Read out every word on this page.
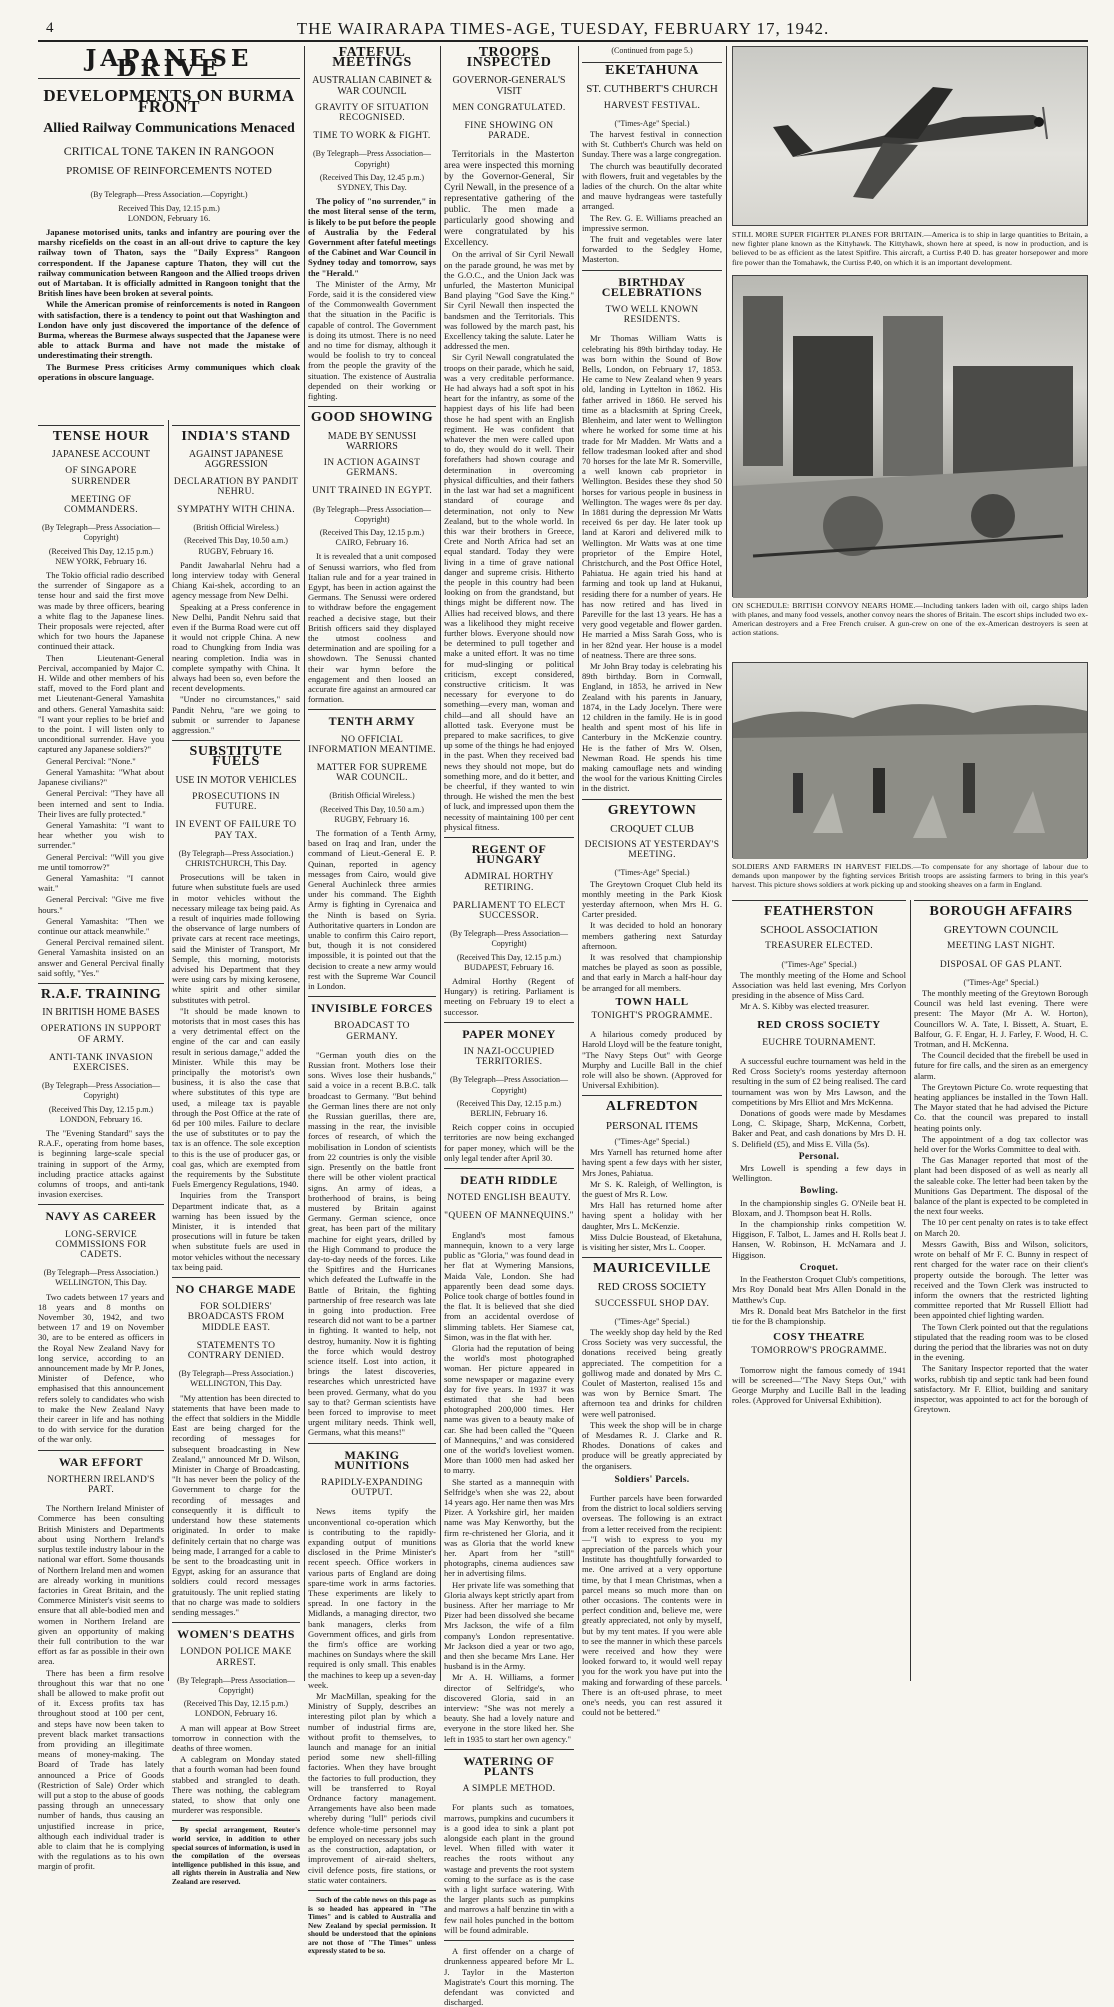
4	THE WAIRARAPA TIMES-AGE, TUESDAY, FEBRUARY 17, 1942.
JAPANESE DRIVE
DEVELOPMENTS ON BURMA FRONT
Allied Railway Communications Menaced
CRITICAL TONE TAKEN IN RANGOON
PROMISE OF REINFORCEMENTS NOTED
(By Telegraph—Press Association.—Copyright.)
Received This Day, 12.15 p.m.)
LONDON, February 16.

Japanese motorised units, tanks and infantry are pouring over the marshy ricefields on the coast in an all-out drive to capture the key railway town of Thaton, says the "Daily Express" Rangoon correspondent. If the Japanese capture Thaton, they will cut the railway communication between Rangoon and the Allied troops driven out of Martaban. It is officially admitted in Rangoon tonight that the British lines have been broken at several points.

While the American promise of reinforcements is noted in Rangoon with satisfaction, there is a tendency to point out that Washington and London have only just discovered the importance of the defence of Burma, whereas the Burmese always suspected that the Japanese were able to attack Burma and have not made the mistake of underestimating their strength.

The Burmese Press criticises Army communiques which cloak operations in obscure language.

TENSE HOUR
JAPANESE ACCOUNT
OF SINGAPORE SURRENDER
MEETING OF COMMANDERS.
(By Telegraph—Press Association—Copyright)
(Received This Day, 12.15 p.m.)
NEW YORK, February 16.

The Tokio official radio described the surrender of Singapore as a tense hour and said the first move was made by three officers, bearing a white flag to the Japanese lines. Their proposals were rejected, after which for two hours the Japanese continued their attack.

Then Lieutenant-General Percival, accompanied by Major C. H. Wilde and other members of his staff, moved to the Ford plant and met Lieutenant-General Yamashita and others. General Yamashita said: "I want your replies to be brief and to the point. I will listen only to unconditional surrender. Have you captured any Japanese soldiers?"

General Percival: "None."

General Yamashita: "What about Japanese civilians?"

General Percival: "They have all been interned and sent to India. Their lives are fully protected."

General Yamashita: "I want to hear whether you wish to surrender."

General Percival: "Will you give me until tomorrow?"

General Yamashita: "I cannot wait."

General Percival: "Give me five hours."

General Yamashita: "Then we continue our attack meanwhile."

General Percival remained silent. General Yamashita insisted on an answer and General Percival finally said softly, "Yes."

R.A.F. TRAINING
IN BRITISH HOME BASES
OPERATIONS IN SUPPORT OF ARMY.
ANTI-TANK INVASION EXERCISES.
(By Telegraph—Press Association—Copyright)
(Received This Day, 12.15 p.m.)
LONDON, February 16.

The "Evening Standard" says the R.A.F., operating from home bases, is beginning large-scale special training in support of the Army, including practice attacks against columns of troops, and anti-tank invasion exercises.

NAVY AS CAREER
LONG-SERVICE COMMISSIONS FOR CADETS.
(By Telegraph—Press Association.)
WELLINGTON, This Day.

Two cadets between 17 years and 18 years and 8 months on November 30, 1942, and two between 17 and 19 on November 30, are to be entered as officers in the Royal New Zealand Navy for long service, according to an announcement made by Mr P. Jones, Minister of Defence, who emphasised that this announcement refers solely to candidates who wish to make the New Zealand Navy their career in life and has nothing to do with service for the duration of the war only.

WAR EFFORT
NORTHERN IRELAND'S PART.

The Northern Ireland Minister of Commerce has been consulting British Ministers and Departments about using Northern Ireland's surplus textile industry labour in the national war effort. Some thousands of Northern Ireland men and women are already working in munitions factories in Great Britain, and the Commerce Minister's visit seems to ensure that all able-bodied men and women in Northern Ireland are given an opportunity of making their full contribution to the war effort as far as possible in their own area.

There has been a firm resolve throughout this war that no one shall be allowed to make profit out of it. Excess profits tax has throughout stood at 100 per cent, and steps have now been taken to prevent black market transactions from providing an illegitimate means of money-making. The Board of Trade has lately announced a Price of Goods (Restriction of Sale) Order which will put a stop to the abuse of goods passing through an unnecessary number of hands, thus causing an unjustified increase in price, although each individual trader is able to claim that he is complying with the regulations as to his own margin of profit.

INDIA'S STAND
AGAINST JAPANESE AGGRESSION
DECLARATION BY PANDIT NEHRU.
SYMPATHY WITH CHINA.
(British Official Wireless.)
(Received This Day, 10.50 a.m.)
RUGBY, February 16.

Pandit Jawaharlal Nehru had a long interview today with General Chiang Kai-shek, according to an agency message from New Delhi.

Speaking at a Press conference in New Delhi, Pandit Nehru said that even if the Burma Road were cut off it would not cripple China. A new road to Chungking from India was nearing completion. India was in complete sympathy with China. It always had been so, even before the recent developments.

"Under no circumstances," said Pandit Nehru, "are we going to submit or surrender to Japanese aggression."

SUBSTITUTE FUELS
USE IN MOTOR VEHICLES
PROSECUTIONS IN FUTURE.
IN EVENT OF FAILURE TO PAY TAX.
(By Telegraph—Press Association.)
CHRISTCHURCH, This Day.

Prosecutions will be taken in future when substitute fuels are used in motor vehicles without the necessary mileage tax being paid. As a result of inquiries made following the observance of large numbers of private cars at recent race meetings, said the Minister of Transport, Mr Semple, this morning, motorists advised his Department that they were using cars by mixing kerosene, white spirit and other similar substitutes with petrol.

"It should be made known to motorists that in most cases this has a very detrimental effect on the engine of the car and can easily result in serious damage," added the Minister. While this may be principally the motorist's own business, it is also the case that where substitutes of this type are used, a mileage tax is payable through the Post Office at the rate of 6d per 100 miles. Failure to declare the use of substitutes or to pay the tax is an offence. The sole exception to this is the use of producer gas, or coal gas, which are exempted from the requirements by the Substitute Fuels Emergency Regulations, 1940.

Inquiries from the Transport Department indicate that, as a warning has been issued by the Minister, it is intended that prosecutions will in future be taken when substitute fuels are used in motor vehicles without the necessary tax being paid.

NO CHARGE MADE
FOR SOLDIERS' BROADCASTS FROM MIDDLE EAST.
STATEMENTS TO CONTRARY DENIED.
(By Telegraph—Press Association.)
WELLINGTON, This Day.

"My attention has been directed to statements that have been made to the effect that soldiers in the Middle East are being charged for the recording of messages for subsequent broadcasting in New Zealand," announced Mr D. Wilson, Minister in Charge of Broadcasting. "It has never been the policy of the Government to charge for the recording of messages and consequently it is difficult to understand how these statements originated. In order to make definitely certain that no charge was being made, I arranged for a cable to be sent to the broadcasting unit in Egypt, asking for an assurance that soldiers could record messages gratuitously. The unit replied stating that no charge was made to soldiers sending messages."

WOMEN'S DEATHS
LONDON POLICE MAKE ARREST.
(By Telegraph—Press Association—Copyright)
(Received This Day, 12.15 p.m.)
LONDON, February 16.

A man will appear at Bow Street tomorrow in connection with the deaths of three women.

A cablegram on Monday stated that a fourth woman had been found stabbed and strangled to death. There was nothing, the cablegram stated, to show that only one murderer was responsible.

By special arrangement, Reuter's world service, in addition to other special sources of information, is used in the compilation of the overseas intelligence published in this issue, and all rights therein in Australia and New Zealand are reserved.

FATEFUL MEETINGS
AUSTRALIAN CABINET & WAR COUNCIL
GRAVITY OF SITUATION RECOGNISED.
TIME TO WORK & FIGHT.
(By Telegraph—Press Association—Copyright)
(Received This Day, 12.45 p.m.)
SYDNEY, This Day.

The policy of "no surrender," in the most literal sense of the term, is likely to be put before the people of Australia by the Federal Government after fateful meetings of the Cabinet and War Council in Sydney today and tomorrow, says the "Herald."

The Minister of the Army, Mr Forde, said it is the considered view of the Commonwealth Government that the situation in the Pacific is capable of control. The Government is doing its utmost. There is no need and no time for dismay, although it would be foolish to try to conceal from the people the gravity of the situation. The existence of Australia depended on their working or fighting.

GOOD SHOWING
MADE BY SENUSSI WARRIORS
IN ACTION AGAINST GERMANS.
UNIT TRAINED IN EGYPT.
(By Telegraph—Press Association—Copyright)
(Received This Day, 12.15 p.m.)
CAIRO, February 16.

It is revealed that a unit composed of Senussi warriors, who fled from Italian rule and for a year trained in Egypt, has been in action against the Germans. The Senussi were ordered to withdraw before the engagement reached a decisive stage, but their British officers said they displayed the utmost coolness and determination and are spoiling for a showdown. The Senussi chanted their war hymn before the engagement and then loosed an accurate fire against an armoured car formation.

TENTH ARMY
NO OFFICIAL INFORMATION MEANTIME.
MATTER FOR SUPREME WAR COUNCIL.
(British Official Wireless.)
(Received This Day, 10.50 a.m.)
RUGBY, February 16.

The formation of a Tenth Army, based on Iraq and Iran, under the command of Lieut.-General E. P. Quinan, reported in agency messages from Cairo, would give General Auchinleck three armies under his command. The Eighth Army is fighting in Cyrenaica and the Ninth is based on Syria. Authoritative quarters in London are unable to confirm this Cairo report, but, though it is not considered impossible, it is pointed out that the decision to create a new army would rest with the Supreme War Council in London.

INVISIBLE FORCES
BROADCAST TO GERMANY.

"German youth dies on the Russian front. Mothers lose their sons. Wives lose their husbands," said a voice in a recent B.B.C. talk broadcast to Germany. "But behind the German lines there are not only the Russian guerillas, there are, massing in the rear, the invisible forces of research, of which the mobilisation in London of scientists from 22 countries is only the visible sign. Presently on the battle front there will be other violent practical signs. An army of ideas, a brotherhood of brains, is being mustered by Britain against Germany. German science, once great, has been part of the military machine for eight years, drilled by the High Command to produce the day-to-day needs of the forces. Like the Spitfires and the Hurricanes which defeated the Luftwaffe in the Battle of Britain, the fighting partnership of free research was late in going into production. Free research did not want to be a partner in fighting. It wanted to help, not destroy, humanity. Now it is fighting the force which would destroy science itself. Lost into action, it brings the latest discoveries, researches which unrestricted have been proved. Germany, what do you say to that? German scientists have been forced to improvise to meet urgent military needs. Think well, Germans, what this means!"

MAKING MUNITIONS
RAPIDLY-EXPANDING OUTPUT.

News items typify the unconventional co-operation which is contributing to the rapidly-expanding output of munitions disclosed in the Prime Minister's recent speech. Office workers in various parts of England are doing spare-time work in arms factories. These experiments are likely to spread. In one factory in the Midlands, a managing director, two bank managers, clerks from Government offices, and girls from the firm's office are working machines on Sundays where the skill required is only small. This enables the machines to keep up a seven-day week.

Mr MacMillan, speaking for the Ministry of Supply, describes an interesting pilot plan by which a number of industrial firms are, without profit to themselves, to launch and manage for an initial period some new shell-filling factories. When they have brought the factories to full production, they will be transferred to Royal Ordnance factory management. Arrangements have also been made whereby during "lull" periods civil defence whole-time personnel may be employed on necessary jobs such as the construction, adaptation, or improvement of air-raid shelters, civil defence posts, fire stations, or static water containers.

Such of the cable news on this page as is so headed has appeared in "The Times" and is cabled to Australia and New Zealand by special permission. It should be understood that the opinions are not those of "The Times" unless expressly stated to be so.

TROOPS INSPECTED
GOVERNOR-GENERAL'S VISIT
MEN CONGRATULATED.
FINE SHOWING ON PARADE.

Territorials in the Masterton area were inspected this morning by the Governor-General, Sir Cyril Newall, in the presence of a representative gathering of the public. The men made a particularly good showing and were congratulated by his Excellency.

On the arrival of Sir Cyril Newall on the parade ground, he was met by the G.O.C., and the Union Jack was unfurled, the Masterton Municipal Band playing "God Save the King." Sir Cyril Newall then inspected the bandsmen and the Territorials. This was followed by the march past, his Excellency taking the salute. Later he addressed the men.

Sir Cyril Newall congratulated the troops on their parade, which he said, was a very creditable performance. He had always had a soft spot in his heart for the infantry, as some of the happiest days of his life had been those he had spent with an English regiment. He was confident that whatever the men were called upon to do, they would do it well. Their forefathers had shown courage and determination in overcoming physical difficulties, and their fathers in the last war had set a magnificent standard of courage and determination, not only to New Zealand, but to the whole world. In this war their brothers in Greece, Crete and North Africa had set an equal standard. Today they were living in a time of grave national danger and supreme crisis. Hitherto the people in this country had been looking on from the grandstand, but things might be different now. The Allies had received blows, and there was a likelihood they might receive further blows. Everyone should now be determined to pull together and make a united effort. It was no time for mud-slinging or political criticism, except considered, constructive criticism. It was necessary for everyone to do something—every man, woman and child—and all should have an allotted task. Everyone must be prepared to make sacrifices, to give up some of the things he had enjoyed in the past. When they received bad news they should not mope, but do something more, and do it better, and be cheerful, if they wanted to win through. He wished the men the best of luck, and impressed upon them the necessity of maintaining 100 per cent physical fitness.

REGENT OF HUNGARY
ADMIRAL HORTHY RETIRING.
PARLIAMENT TO ELECT SUCCESSOR.
(By Telegraph—Press Association—Copyright)
(Received This Day, 12.15 p.m.)
BUDAPEST, February 16.

Admiral Horthy (Regent of Hungary) is retiring. Parliament is meeting on February 19 to elect a successor.

PAPER MONEY
IN NAZI-OCCUPIED TERRITORIES.
(By Telegraph—Press Association—Copyright)
(Received This Day, 12.15 p.m.)
BERLIN, February 16.

Reich copper coins in occupied territories are now being exchanged for paper money, which will be the only legal tender after April 30.

DEATH RIDDLE
NOTED ENGLISH BEAUTY.
"QUEEN OF MANNEQUINS."

England's most famous mannequin, known to a very large public as "Gloria," was found dead in her flat at Wymering Mansions, Maida Vale, London. She had apparently been dead some days. Police took charge of bottles found in the flat. It is believed that she died from an accidental overdose of slimming tablets. Her Siamese cat, Simon, was in the flat with her.

Gloria had the reputation of being the world's most photographed woman. Her picture appeared in some newspaper or magazine every day for five years. In 1937 it was estimated that she had been photographed 200,000 times. Her name was given to a beauty make of car. She had been called the "Queen of Mannequins," and was considered one of the world's loveliest women. More than 1000 men had asked her to marry.

She started as a mannequin with Selfridge's when she was 22, about 14 years ago. Her name then was Mrs Pizer. A Yorkshire girl, her maiden name was May Kenworthy, but the firm re-christened her Gloria, and it was as Gloria that the world knew her. Apart from her "still" photographs, cinema audiences saw her in advertising films.

Her private life was something that Gloria always kept strictly apart from business. After her marriage to Mr Pizer had been dissolved she became Mrs Jackson, the wife of a film company's London representative. Mr Jackson died a year or two ago, and then she became Mrs Lane. Her husband is in the Army.

Mr A. H. Williams, a former director of Selfridge's, who discovered Gloria, said in an interview: "She was not merely a beauty. She had a lovely nature and everyone in the store liked her. She left in 1935 to start her own agency."

WATERING OF PLANTS
A SIMPLE METHOD.

For plants such as tomatoes, marrows, pumpkins and cucumbers it is a good idea to sink a plant pot alongside each plant in the ground level. When filled with water it reaches the roots without any wastage and prevents the root system coming to the surface as is the case with a light surface watering. With the larger plants such as pumpkins and marrows a half benzine tin with a few nail holes punched in the bottom will be found admirable.

A first offender on a charge of drunkenness appeared before Mr L. J. Taylor in the Masterton Magistrate's Court this morning. The defendant was convicted and discharged.

(Continued from page 5.)
EKETAHUNA
ST. CUTHBERT'S CHURCH
HARVEST FESTIVAL.
("Times-Age" Special.)

The harvest festival in connection with St. Cuthbert's Church was held on Sunday. There was a large congregation.

The church was beautifully decorated with flowers, fruit and vegetables by the ladies of the church. On the altar white and mauve hydrangeas were tastefully arranged.

The Rev. G. E. Williams preached an impressive sermon.

The fruit and vegetables were later forwarded to the Sedgley Home, Masterton.

BIRTHDAY CELEBRATIONS
TWO WELL KNOWN RESIDENTS.

Mr Thomas William Watts is celebrating his 89th birthday today. He was born within the Sound of Bow Bells, London, on February 17, 1853. He came to New Zealand when 9 years old, landing in Lyttelton in 1862. His father arrived in 1860. He served his time as a blacksmith at Spring Creek, Blenheim, and later went to Wellington where he worked for some time at his trade for Mr Madden. Mr Watts and a fellow tradesman looked after and shod 70 horses for the late Mr R. Somerville, a well known cab proprietor in Wellington. Besides these they shod 50 horses for various people in business in Wellington. The wages were 8s per day. In 1881 during the depression Mr Watts received 6s per day. He later took up land at Karori and delivered milk to Wellington. Mr Watts was at one time proprietor of the Empire Hotel, Christchurch, and the Post Office Hotel, Pahiatua. He again tried his hand at farming and took up land at Hukanui, residing there for a number of years. He has now retired and has lived in Pareville for the last 13 years. He has a very good vegetable and flower garden. He married a Miss Sarah Goss, who is in her 82nd year. Her house is a model of neatness. There are three sons.

Mr John Bray today is celebrating his 89th birthday. Born in Cornwall, England, in 1853, he arrived in New Zealand with his parents in January, 1874, in the Lady Jocelyn. There were 12 children in the family. He is in good health and spent most of his life in Canterbury in the McKenzie country. He is the father of Mrs W. Olsen, Newman Road. He spends his time making camouflage nets and winding the wool for the various Knitting Circles in the district.

GREYTOWN
CROQUET CLUB
DECISIONS AT YESTERDAY'S MEETING.
("Times-Age" Special.)

The Greytown Croquet Club held its monthly meeting in the Park Kiosk yesterday afternoon, when Mrs H. G. Carter presided.

It was decided to hold an honorary members gathering next Saturday afternoon.

It was resolved that championship matches be played as soon as possible, and that early in March a half-hour day be arranged for all members.

TOWN HALL
TONIGHT'S PROGRAMME.

A hilarious comedy produced by Harold Lloyd will be the feature tonight, "The Navy Steps Out" with George Murphy and Lucille Ball in the chief role will also be shown. (Approved for Universal Exhibition).

ALFREDTON
PERSONAL ITEMS
("Times-Age" Special.)

Mrs Yarnell has returned home after having spent a few days with her sister, Mrs Jones, Pahiatua.

Mr S. K. Raleigh, of Wellington, is the guest of Mrs R. Low.

Mrs Hall has returned home after having spent a holiday with her daughter, Mrs L. McKenzie.

Miss Dulcie Boustead, of Eketahuna, is visiting her sister, Mrs L. Cooper.

MAURICEVILLE
RED CROSS SOCIETY
SUCCESSFUL SHOP DAY.
("Times-Age" Special.)

The weekly shop day held by the Red Cross Society was very successful, the donations received being greatly appreciated. The competition for a golliwog made and donated by Mrs C. Coulet of Masterton, realised 15s and was won by Bernice Smart. The afternoon tea and drinks for children were well patronised.

This week the shop will be in charge of Mesdames R. J. Clarke and R. Rhodes. Donations of cakes and produce will be greatly appreciated by the organisers.

Soldiers' Parcels.

Further parcels have been forwarded from the district to local soldiers serving overseas. The following is an extract from a letter received from the recipient:—"I wish to express to you my appreciation of the parcels which your Institute has thoughtfully forwarded to me. One arrived at a very opportune time, by that I mean Christmas, when a parcel means so much more than on other occasions. The contents were in perfect condition and, believe me, were greatly appreciated, not only by myself, but by my tent mates. If you were able to see the manner in which these parcels were received and how they were looked forward to, it would well repay you for the work you have put into the making and forwarding of these parcels. There is an oft-used phrase, to meet one's needs, you can rest assured it could not be bettered."

STILL MORE SUPER FIGHTER PLANES FOR BRITAIN.—America is to ship in large quantities to Britain, a new fighter plane known as the Kittyhawk. The Kittyhawk, shown here at speed, is now in production, and is believed to be as efficient as the latest Spitfire. This aircraft, a Curtiss P.40 D. has greater horsepower and more fire power than the Tomahawk, the Curtiss P.40, on which it is an important development.
ON SCHEDULE: BRITISH CONVOY NEARS HOME.—Including tankers laden with oil, cargo ships laden with planes, and many food vessels, another convoy nears the shores of Britain. The escort ships included two ex-American destroyers and a Free French cruiser. A gun-crew on one of the ex-American destroyers is seen at action stations.
SOLDIERS AND FARMERS IN HARVEST FIELDS.—To compensate for any shortage of labour due to demands upon manpower by the fighting services British troops are assisting farmers to bring in this year's harvest. This picture shows soldiers at work picking up and stooking sheaves on a farm in England.
FEATHERSTON
SCHOOL ASSOCIATION
TREASURER ELECTED.
("Times-Age" Special.)

The monthly meeting of the Home and School Association was held last evening, Mrs Corlyon presiding in the absence of Miss Card.

Mr A. S. Kibby was elected treasurer.

RED CROSS SOCIETY
EUCHRE TOURNAMENT.

A successful euchre tournament was held in the Red Cross Society's rooms yesterday afternoon resulting in the sum of £2 being realised. The card tournament was won by Mrs Lawson, and the competitions by Mrs Elliot and Mrs McKenna.

Donations of goods were made by Mesdames Long, C. Skipage, Sharp, McKenna, Corbett, Baker and Peat, and cash donations by Mrs D. H. S. Delifield (£5), and Miss E. Villa (5s).

Personal.

Mrs Lowell is spending a few days in Wellington.

Bowling.

In the championship singles G. O'Neile beat H. Bloxam, and J. Thompson beat H. Rolls.

In the championship rinks competition W. Higgison, F. Talbot, L. James and H. Rolls beat J. Hansen, W. Robinson, H. McNamara and J. Higgison.

Croquet.

In the Featherston Croquet Club's competitions, Mrs Roy Donald beat Mrs Allen Donald in the Matthew's Cup.

Mrs R. Donald beat Mrs Batchelor in the first tie for the B championship.

COSY THEATRE
TOMORROW'S PROGRAMME.

Tomorrow night the famous comedy of 1941 will be screened—"The Navy Steps Out," with George Murphy and Lucille Ball in the leading roles. (Approved for Universal Exhibition).

BOROUGH AFFAIRS
GREYTOWN COUNCIL
MEETING LAST NIGHT.
DISPOSAL OF GAS PLANT.
("Times-Age" Special.)

The monthly meeting of the Greytown Borough Council was held last evening. There were present: The Mayor (Mr A. W. Horton), Councillors W. A. Tate, I. Bissett, A. Stuart, E. Balfour, G. F. Engar, H. J. Farley, F. Wood, H. C. Trotman, and H. McKenna.

The Council decided that the firebell be used in future for fire calls, and the siren as an emergency alarm.

The Greytown Picture Co. wrote requesting that heating appliances be installed in the Town Hall. The Mayor stated that he had advised the Picture Co. that the council was prepared to install heating points only.

The appointment of a dog tax collector was held over for the Works Committee to deal with.

The Gas Manager reported that most of the plant had been disposed of as well as nearly all the saleable coke. The letter had been taken by the Munitions Gas Department. The disposal of the balance of the plant is expected to be completed in the next four weeks.

The 10 per cent penalty on rates is to take effect on March 20.

Messrs Gawith, Biss and Wilson, solicitors, wrote on behalf of Mr F. C. Bunny in respect of rent charged for the water race on their client's property outside the borough. The letter was received and the Town Clerk was instructed to inform the owners that the restricted lighting committee reported that Mr Russell Elliott had been appointed chief lighting warden.

The Town Clerk pointed out that the regulations stipulated that the reading room was to be closed during the period that the libraries was not on duty in the evening.

The Sanitary Inspector reported that the water works, rubbish tip and septic tank had been found satisfactory. Mr F. Elliot, building and sanitary inspector, was appointed to act for the borough of Greytown.
